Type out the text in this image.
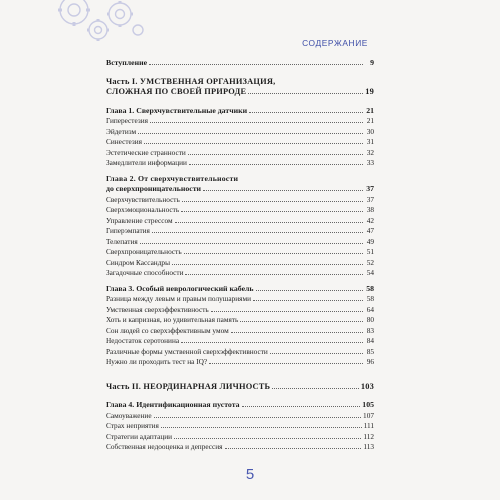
СОДЕРЖАНИЕ
Вступление	9
Часть I. УМСТВЕННАЯ ОРГАНИЗАЦИЯ,
СЛОЖНАЯ ПО СВОЕЙ ПРИРОДЕ	19
Глава 1. Сверхчувствительные датчики	21
Гиперестезия	21
Эйдетизм	30
Синестезия	31
Эстетические странности	32
Замедлители информации	33
Глава 2. От сверхчувствительности
до сверхпроницательности	37
Сверхчувствительность	37
Сверхэмоциональность	38
Управление стрессом	42
Гиперэмпатия	47
Телепатия	49
Сверхпроницательность	51
Синдром Кассандры	52
Загадочные способности	54
Глава 3. Особый неврологический кабель	58
Разница между левым и правым полушариями	58
Умственная сверхэффективность	64
Хоть и капризная, но удивительная память	80
Сон людей со сверхэффективным умом	83
Недостаток серотонина	84
Различные формы умственной сверхэффективности	85
Нужно ли проходить тест на IQ?	96
Часть II. НЕОРДИНАРНАЯ ЛИЧНОСТЬ	103
Глава 4. Идентификационная пустота	105
Самоуважение	107
Страх неприятия	111
Стратегии адаптации	112
Собственная недооценка и депрессия	113
5
